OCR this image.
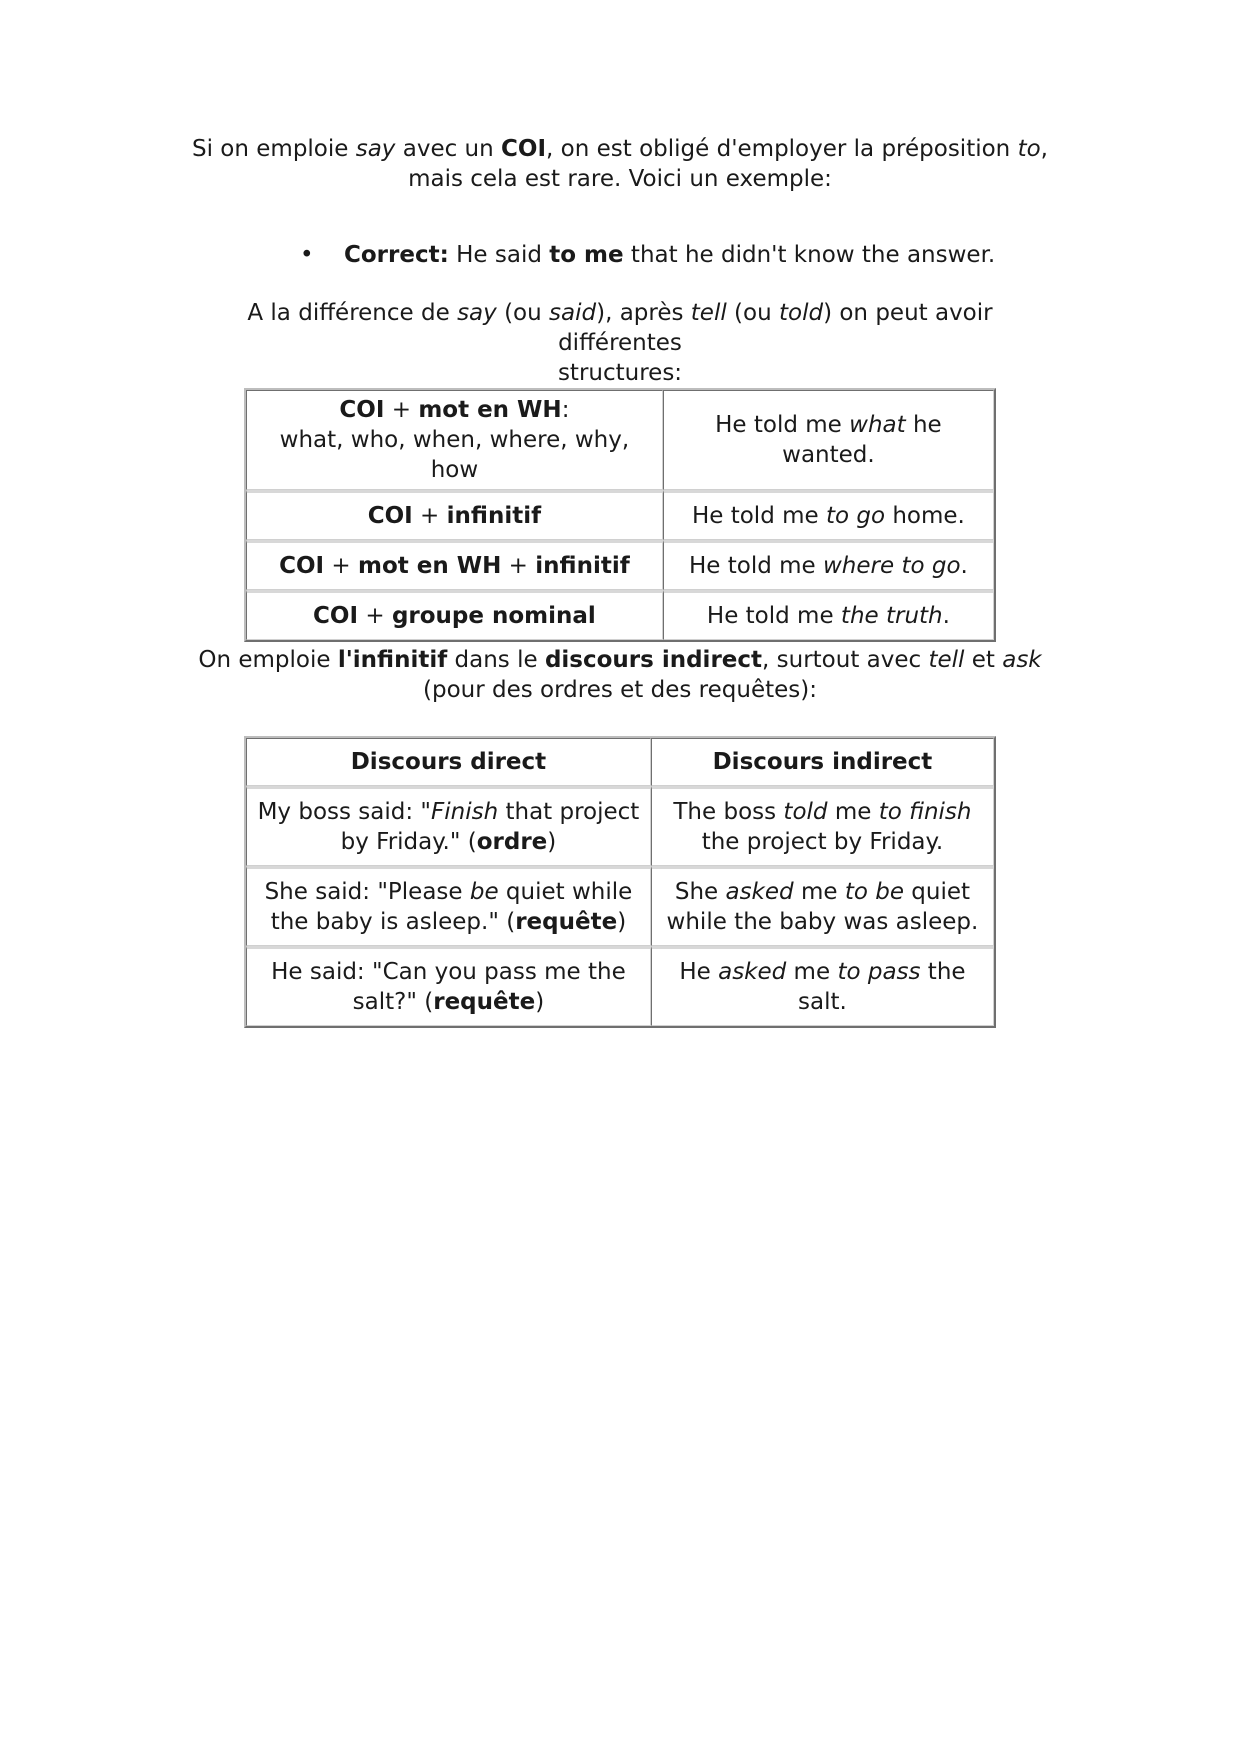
Si on emploie say avec un COI, on est obligé d'employer la préposition to,
mais cela est rare. Voici un exemple:
•	Correct: He said to me that he didn't know the answer.
A la différence de say (ou said), après tell (ou told) on peut avoir différentes
structures:
COI + mot en WH:
what, who, when, where, why, how	He told me what he wanted.
COI + infinitif	He told me to go home.
COI + mot en WH + infinitif	He told me where to go.
COI + groupe nominal	He told me the truth.
On emploie l'infinitif dans le discours indirect, surtout avec tell et ask
(pour des ordres et des requêtes):
Discours direct	Discours indirect
My boss said: "Finish that project
by Friday." (ordre)	The boss told me to finish
the project by Friday.
She said: "Please be quiet while
the baby is asleep." (requête)	She asked me to be quiet
while the baby was asleep.
He said: "Can you pass me the
salt?" (requête)	He asked me to pass the salt.
